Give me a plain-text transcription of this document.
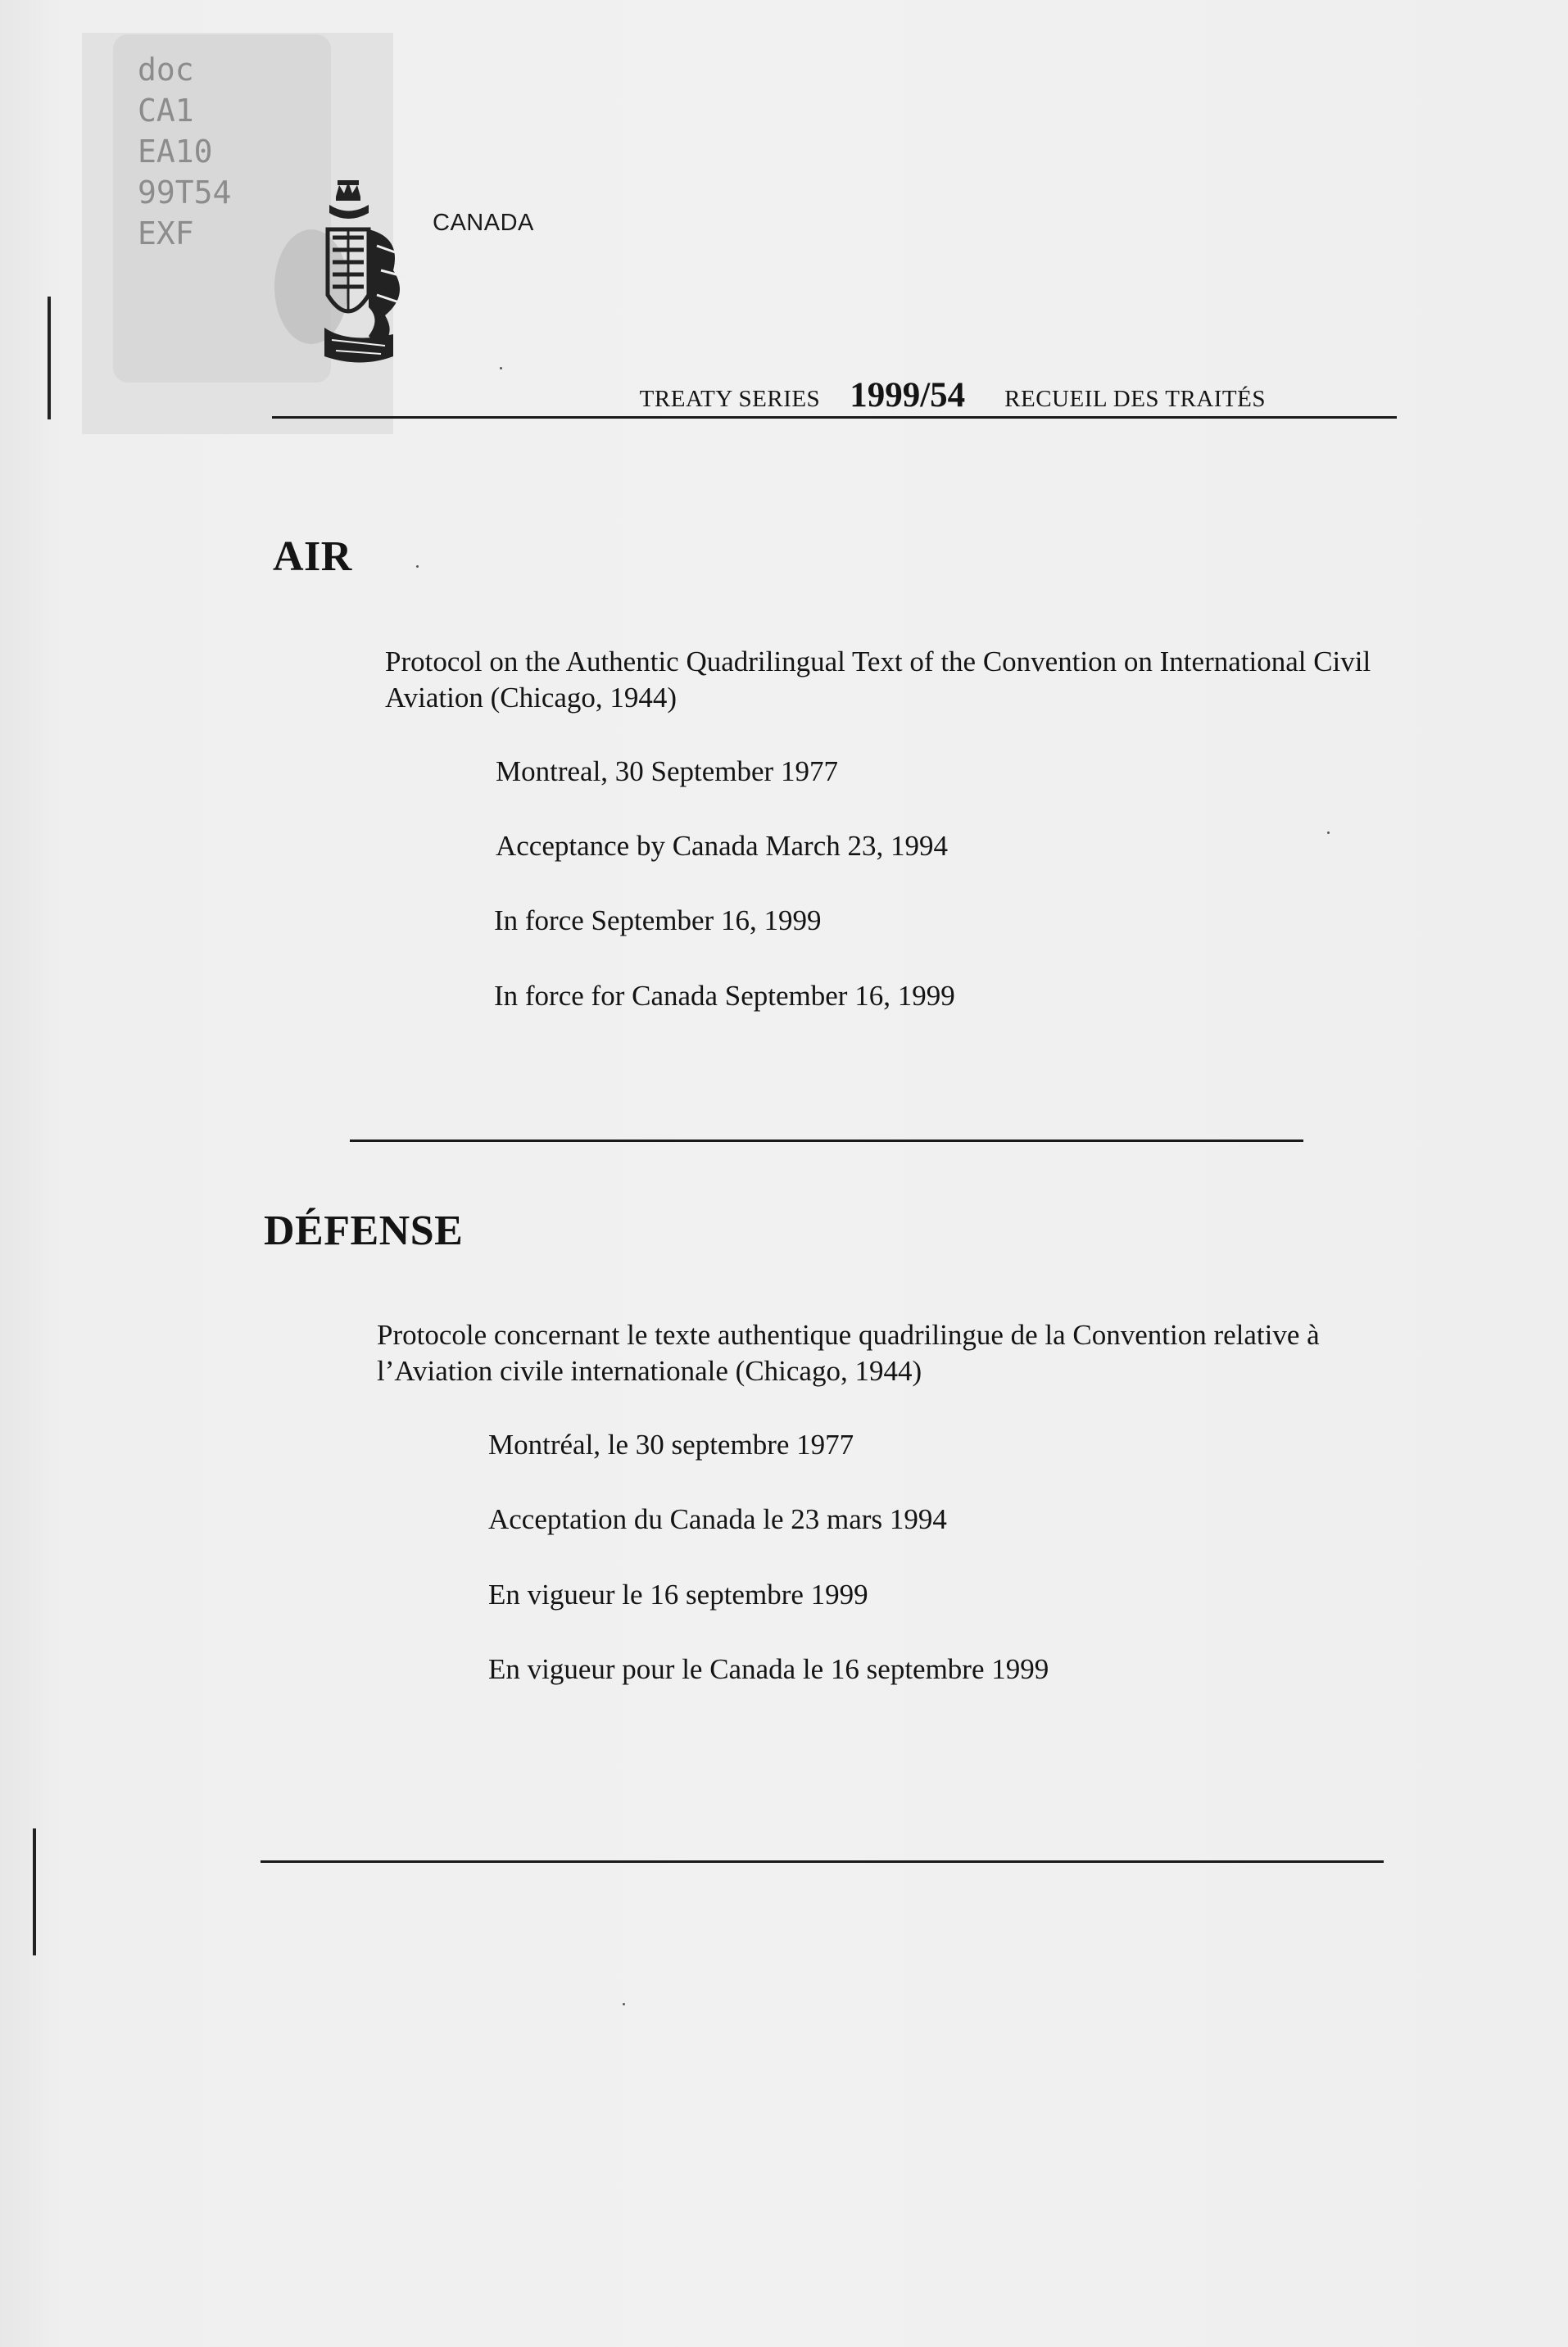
doc
CA1
EA10
99T54
EXF	CANADA
TREATY SERIES 1999/54 RECUEIL DES TRAITÉS
AIR
Protocol on the Authentic Quadrilingual Text of the Convention on International Civil Aviation (Chicago, 1944)
Montreal, 30 September 1977
Acceptance by Canada March 23, 1994
In force September 16, 1999
In force for Canada September 16, 1999
DÉFENSE
Protocole concernant le texte authentique quadrilingue de la Convention relative à l’Aviation civile internationale (Chicago, 1944)
Montréal, le 30 septembre 1977
Acceptation du Canada le 23 mars 1994
En vigueur le 16 septembre 1999
En vigueur pour le Canada le 16 septembre 1999
